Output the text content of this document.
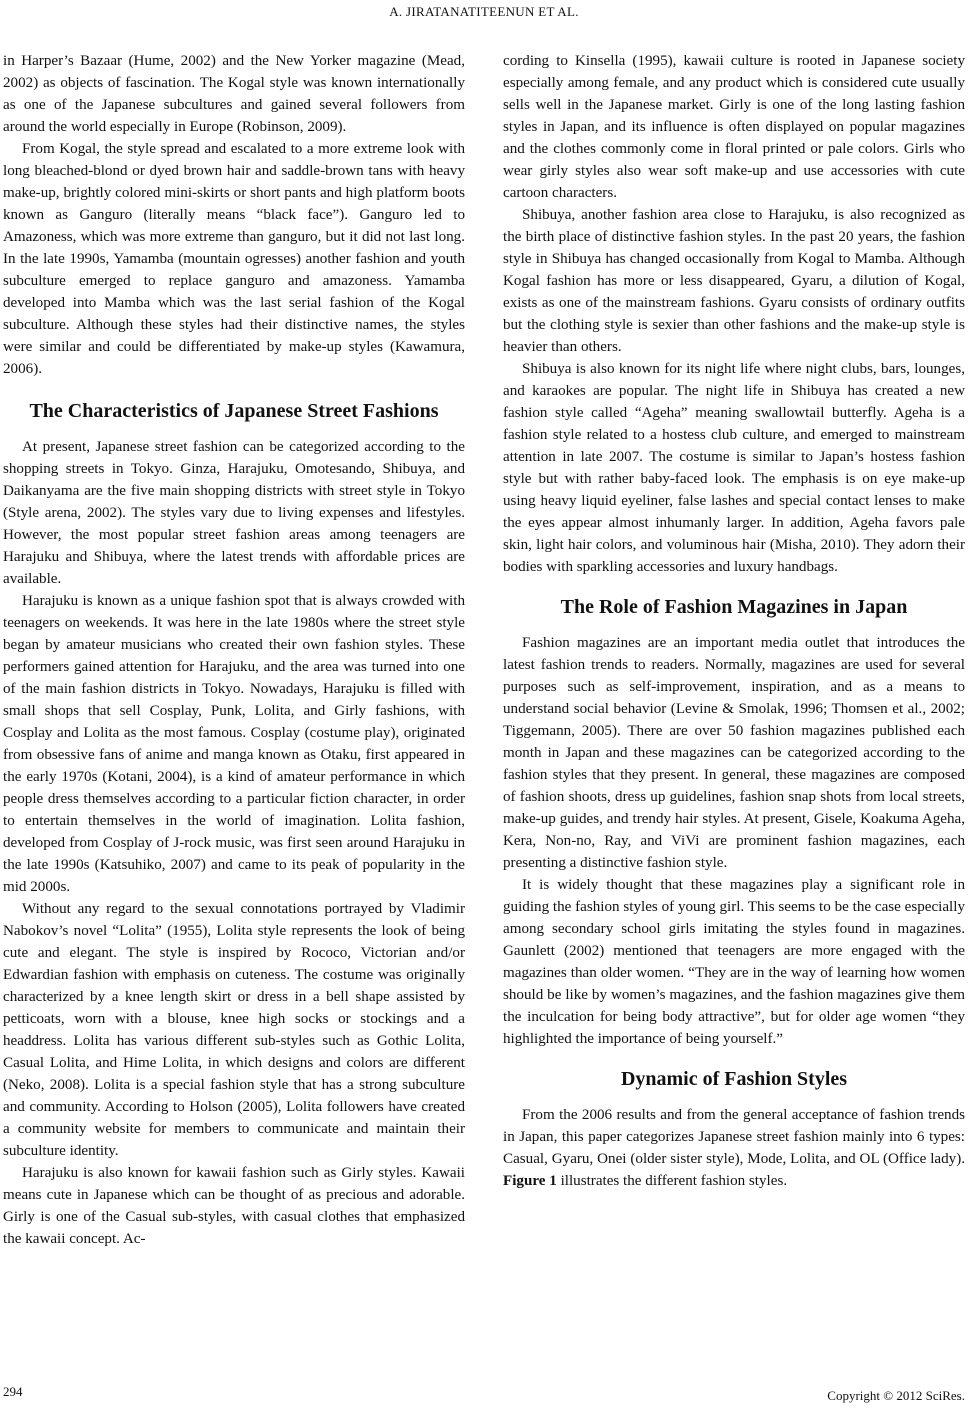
A. JIRATANATITEENUN ET AL.

in Harper’s Bazaar (Hume, 2002) and the New Yorker magazine (Mead, 2002) as objects of fascination. The Kogal style was known internationally as one of the Japanese subcultures and gained several followers from around the world especially in Europe (Robinson, 2009).

From Kogal, the style spread and escalated to a more extreme look with long bleached-blond or dyed brown hair and saddle-brown tans with heavy make-up, brightly colored mini-skirts or short pants and high platform boots known as Ganguro (literally means “black face”). Ganguro led to Amazoness, which was more extreme than ganguro, but it did not last long. In the late 1990s, Yamamba (mountain ogresses) another fashion and youth subculture emerged to replace ganguro and amazoness. Yamamba developed into Mamba which was the last serial fashion of the Kogal subculture. Although these styles had their distinctive names, the styles were similar and could be differentiated by make-up styles (Kawamura, 2006).

The Characteristics of Japanese Street Fashions

At present, Japanese street fashion can be categorized according to the shopping streets in Tokyo. Ginza, Harajuku, Omotesando, Shibuya, and Daikanyama are the five main shopping districts with street style in Tokyo (Style arena, 2002). The styles vary due to living expenses and lifestyles. However, the most popular street fashion areas among teenagers are Harajuku and Shibuya, where the latest trends with affordable prices are available.

Harajuku is known as a unique fashion spot that is always crowded with teenagers on weekends. It was here in the late 1980s where the street style began by amateur musicians who created their own fashion styles. These performers gained attention for Harajuku, and the area was turned into one of the main fashion districts in Tokyo. Nowadays, Harajuku is filled with small shops that sell Cosplay, Punk, Lolita, and Girly fashions, with Cosplay and Lolita as the most famous. Cosplay (costume play), originated from obsessive fans of anime and manga known as Otaku, first appeared in the early 1970s (Kotani, 2004), is a kind of amateur performance in which people dress themselves according to a particular fiction character, in order to entertain themselves in the world of imagination. Lolita fashion, developed from Cosplay of J-rock music, was first seen around Harajuku in the late 1990s (Katsuhiko, 2007) and came to its peak of popularity in the mid 2000s.

Without any regard to the sexual connotations portrayed by Vladimir Nabokov’s novel “Lolita” (1955), Lolita style represents the look of being cute and elegant. The style is inspired by Rococo, Victorian and/or Edwardian fashion with emphasis on cuteness. The costume was originally characterized by a knee length skirt or dress in a bell shape assisted by petticoats, worn with a blouse, knee high socks or stockings and a headdress. Lolita has various different sub-styles such as Gothic Lolita, Casual Lolita, and Hime Lolita, in which designs and colors are different (Neko, 2008). Lolita is a special fashion style that has a strong subculture and community. According to Holson (2005), Lolita followers have created a community website for members to communicate and maintain their subculture identity.

Harajuku is also known for kawaii fashion such as Girly styles. Kawaii means cute in Japanese which can be thought of as precious and adorable. Girly is one of the Casual sub-styles, with casual clothes that emphasized the kawaii concept. Ac-

cording to Kinsella (1995), kawaii culture is rooted in Japanese society especially among female, and any product which is considered cute usually sells well in the Japanese market. Girly is one of the long lasting fashion styles in Japan, and its influence is often displayed on popular magazines and the clothes commonly come in floral printed or pale colors. Girls who wear girly styles also wear soft make-up and use accessories with cute cartoon characters.

Shibuya, another fashion area close to Harajuku, is also recognized as the birth place of distinctive fashion styles. In the past 20 years, the fashion style in Shibuya has changed occasionally from Kogal to Mamba. Although Kogal fashion has more or less disappeared, Gyaru, a dilution of Kogal, exists as one of the mainstream fashions. Gyaru consists of ordinary outfits but the clothing style is sexier than other fashions and the make-up style is heavier than others.

Shibuya is also known for its night life where night clubs, bars, lounges, and karaokes are popular. The night life in Shibuya has created a new fashion style called “Ageha” meaning swallowtail butterfly. Ageha is a fashion style related to a hostess club culture, and emerged to mainstream attention in late 2007. The costume is similar to Japan’s hostess fashion style but with rather baby-faced look. The emphasis is on eye make-up using heavy liquid eyeliner, false lashes and special contact lenses to make the eyes appear almost inhumanly larger. In addition, Ageha favors pale skin, light hair colors, and voluminous hair (Misha, 2010). They adorn their bodies with sparkling accessories and luxury handbags.

The Role of Fashion Magazines in Japan

Fashion magazines are an important media outlet that introduces the latest fashion trends to readers. Normally, magazines are used for several purposes such as self-improvement, inspiration, and as a means to understand social behavior (Levine & Smolak, 1996; Thomsen et al., 2002; Tiggemann, 2005). There are over 50 fashion magazines published each month in Japan and these magazines can be categorized according to the fashion styles that they present. In general, these magazines are composed of fashion shoots, dress up guidelines, fashion snap shots from local streets, make-up guides, and trendy hair styles. At present, Gisele, Koakuma Ageha, Kera, Non-no, Ray, and ViVi are prominent fashion magazines, each presenting a distinctive fashion style.

It is widely thought that these magazines play a significant role in guiding the fashion styles of young girl. This seems to be the case especially among secondary school girls imitating the styles found in magazines. Gaunlett (2002) mentioned that teenagers are more engaged with the magazines than older women. “They are in the way of learning how women should be like by women’s magazines, and the fashion magazines give them the inculcation for being body attractive”, but for older age women “they highlighted the importance of being yourself.”

Dynamic of Fashion Styles

From the 2006 results and from the general acceptance of fashion trends in Japan, this paper categorizes Japanese street fashion mainly into 6 types: Casual, Gyaru, Onei (older sister style), Mode, Lolita, and OL (Office lady). Figure 1 illustrates the different fashion styles.

294	Copyright © 2012 SciRes.
